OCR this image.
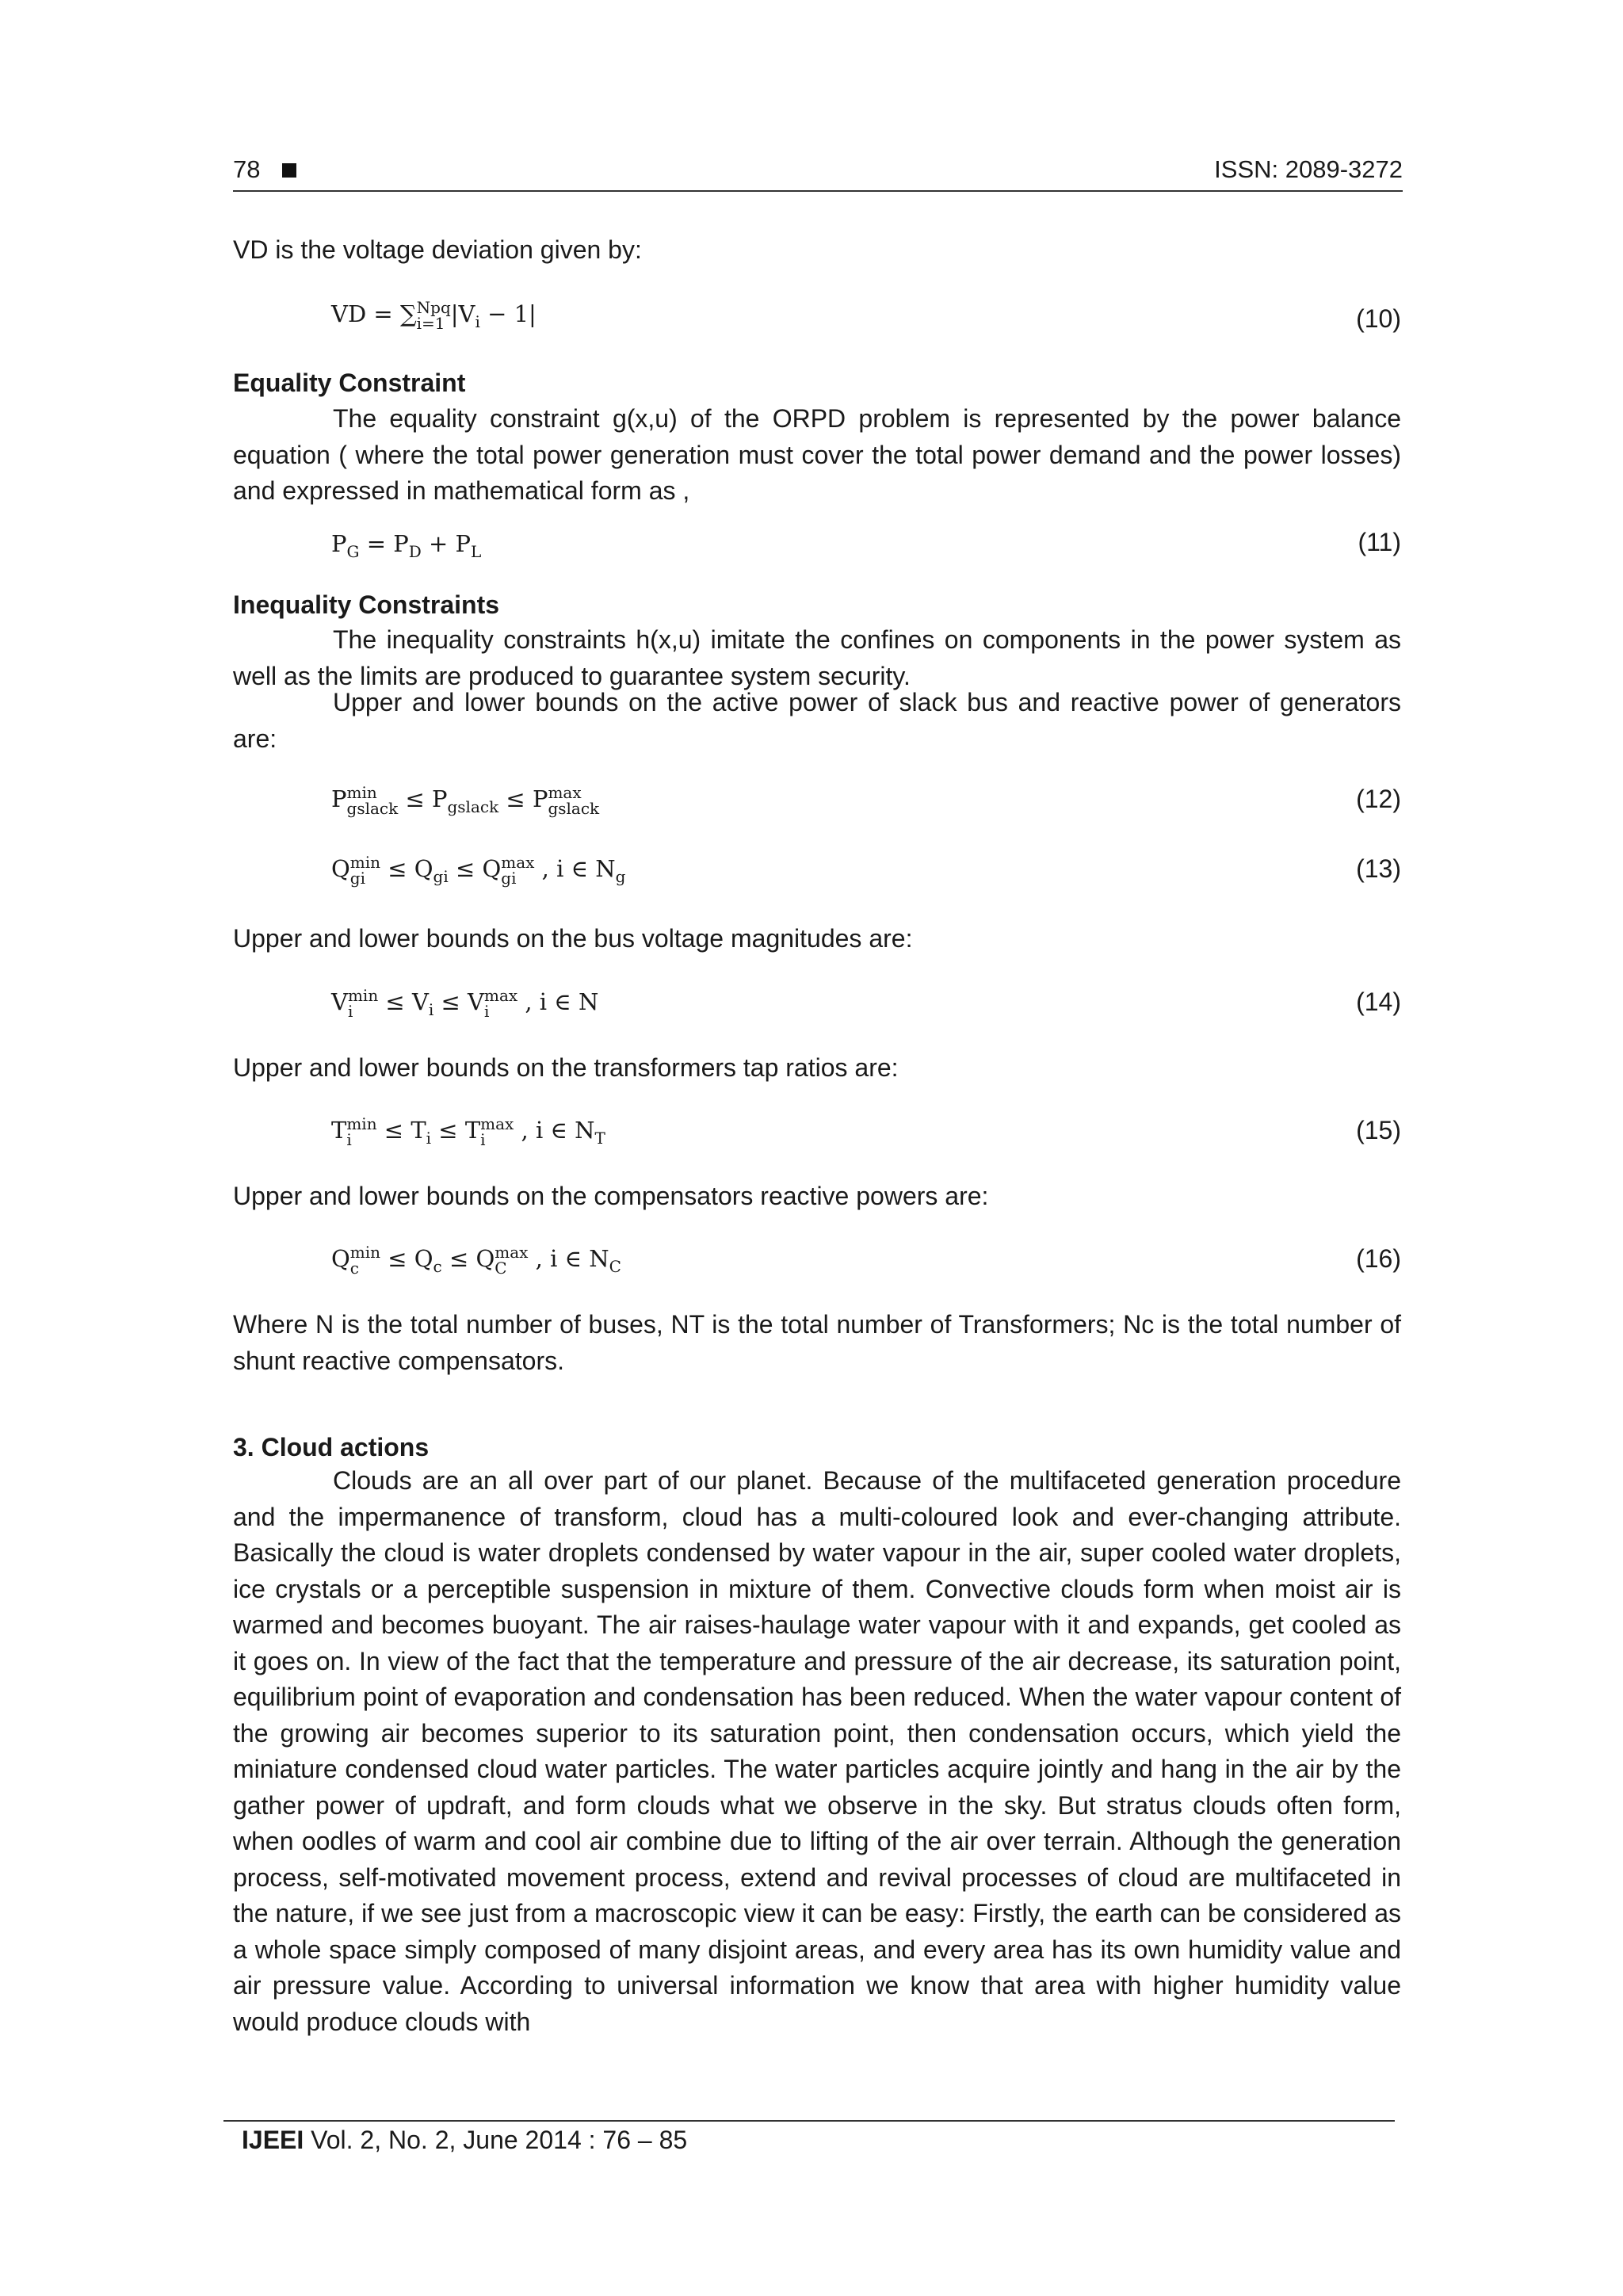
78	ISSN: 2089-3272
VD is the voltage deviation given by:
VD = ∑ Npq
i=1 $|V_i - 1|$	(10)
Equality Constraint
The equality constraint g(x,u) of the ORPD problem is represented by the power balance equation ( where the total power generation must cover the total power demand and the power losses) and expressed in mathematical form as ,
$P_G = P_D + P_L$	(11)
Inequality Constraints
The inequality constraints h(x,u) imitate the confines on components in the power system as well as the limits are produced to guarantee system security.
Upper and lower bounds on the active power of slack bus and reactive power of generators are:
P min
gslack ≤ $P_{gslack} \le P$ max
gslack	(12)
Q min
gi ≤ $Q_{gi} \le Q$ max
gi , i ∈ $N_g$	(13)
Upper and lower bounds on the bus voltage magnitudes are:
V min
i	≤ $V_i \le V$ max
i	, i ∈ N	(14)
Upper and lower bounds on the transformers tap ratios are:
T min
i	≤ $T_i \le T$ max
i	, i ∈ $N_T$	(15)
Upper and lower bounds on the compensators reactive powers are:
Q min
$c \le Q_c \le Q$ max
C , i ∈ $N_C$	(16)
Where N is the total number of buses, NT is the total number of Transformers; Nc is the total number of shunt reactive compensators.
3. Cloud actions
Clouds are an all over part of our planet. Because of the multifaceted generation procedure and the impermanence of transform, cloud has a multi-coloured look and ever-changing attribute. Basically the cloud is water droplets condensed by water vapour in the air, super cooled water droplets, ice crystals or a perceptible suspension in mixture of them. Convective clouds form when moist air is warmed and becomes buoyant. The air raises-haulage water vapour with it and expands, get cooled as it goes on. In view of the fact that the temperature and pressure of the air decrease, its saturation point, equilibrium point of evaporation and condensation has been reduced. When the water vapour content of the growing air becomes superior to its saturation point, then condensation occurs, which yield the miniature condensed cloud water particles. The water particles acquire jointly and hang in the air by the gather power of updraft, and form clouds what we observe in the sky. But stratus clouds often form, when oodles of warm and cool air combine due to lifting of the air over terrain. Although the generation process, self-motivated movement process, extend and revival processes of cloud are multifaceted in the nature, if we see just from a macroscopic view it can be easy: Firstly, the earth can be considered as a whole space simply composed of many disjoint areas, and every area has its own humidity value and air pressure value. According to universal information we know that area with higher humidity value would produce clouds with
IJEEI Vol. 2, No. 2, June 2014 : 76 – 85
